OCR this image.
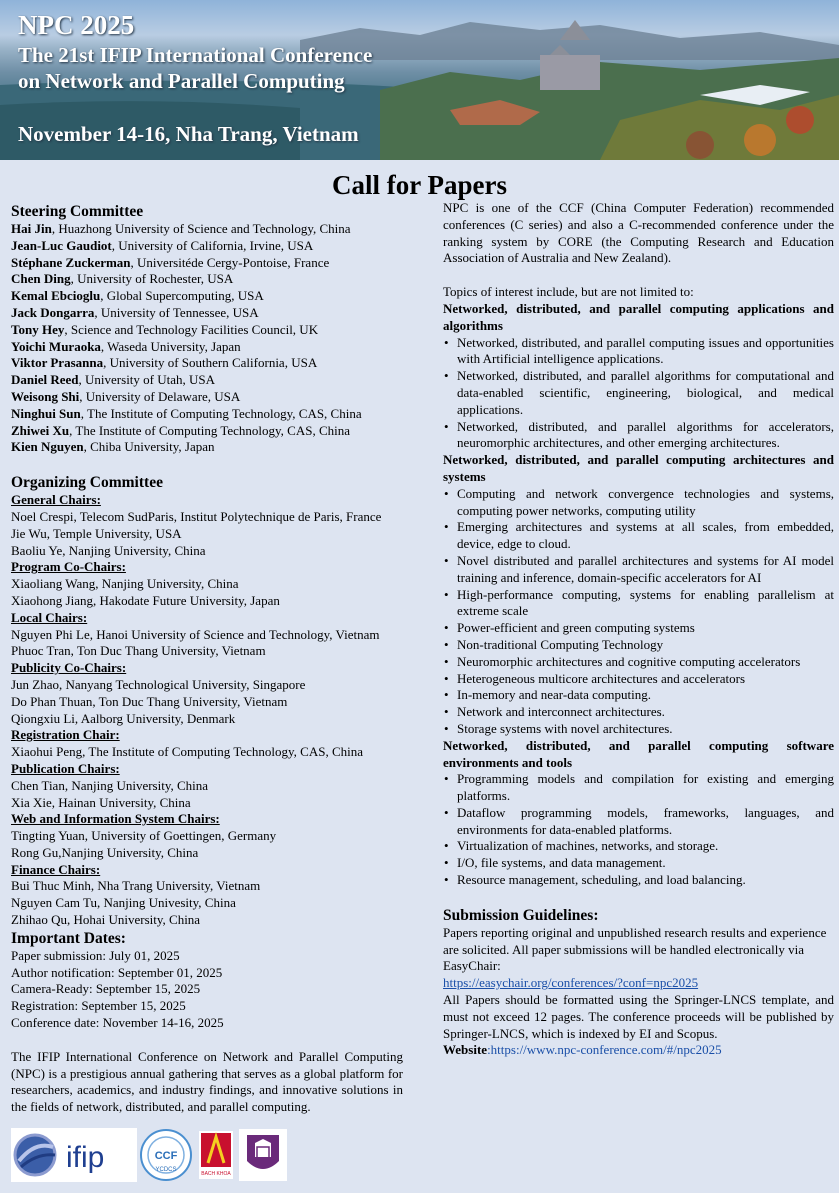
NPC 2025
The 21st IFIP International Conference
on Network and Parallel Computing
November 14-16, Nha Trang, Vietnam
Call for Papers
Steering Committee
Hai Jin, Huazhong University of Science and Technology, China
Jean-Luc Gaudiot, University of California, Irvine, USA
Stéphane Zuckerman, Universitéde Cergy-Pontoise, France
Chen Ding, University of Rochester, USA
Kemal Ebcioglu, Global Supercomputing, USA
Jack Dongarra, University of Tennessee, USA
Tony Hey, Science and Technology Facilities Council, UK
Yoichi Muraoka, Waseda University, Japan
Viktor Prasanna, University of Southern California, USA
Daniel Reed, University of Utah, USA
Weisong Shi, University of Delaware, USA
Ninghui Sun, The Institute of Computing Technology, CAS, China
Zhiwei Xu, The Institute of Computing Technology, CAS, China
Kien Nguyen, Chiba University, Japan
Organizing Committee
General Chairs:
Noel Crespi, Telecom SudParis, Institut Polytechnique de Paris, France
Jie Wu, Temple University, USA
Baoliu Ye, Nanjing University, China
Program Co-Chairs:
Xiaoliang Wang, Nanjing University, China
Xiaohong Jiang, Hakodate Future University, Japan
Local Chairs:
Nguyen Phi Le, Hanoi University of Science and Technology, Vietnam
Phuoc Tran, Ton Duc Thang University, Vietnam
Publicity Co-Chairs:
Jun Zhao, Nanyang Technological University, Singapore
Do Phan Thuan, Ton Duc Thang University, Vietnam
Qiongxiu Li, Aalborg University, Denmark
Registration Chair:
Xiaohui Peng, The Institute of Computing Technology, CAS, China
Publication Chairs:
Chen Tian, Nanjing University, China
Xia Xie, Hainan University, China
Web and Information System Chairs:
Tingting Yuan, University of Goettingen, Germany
Rong Gu,Nanjing University, China
Finance Chairs:
Bui Thuc Minh, Nha Trang University, Vietnam
Nguyen Cam Tu, Nanjing Univesity, China
Zhihao Qu, Hohai University, China
Important Dates:
Paper submission: July 01, 2025
Author notification: September 01, 2025
Camera-Ready: September 15, 2025
Registration: September 15, 2025
Conference date: November 14-16, 2025
The IFIP International Conference on Network and Parallel Computing (NPC) is a prestigious annual gathering that serves as a global platform for researchers, academics, and industry findings, and innovative solutions in the fields of network, distributed, and parallel computing.
NPC is one of the CCF (China Computer Federation) recommended conferences (C series) and also a C-recommended conference under the ranking system by CORE (the Computing Research and Education Association of Australia and New Zealand).
Topics of interest include, but are not limited to:
Networked, distributed, and parallel computing applications and algorithms
• Networked, distributed, and parallel computing issues and opportunities with Artificial intelligence applications.
• Networked, distributed, and parallel algorithms for computational and data-enabled scientific, engineering, biological, and medical applications.
• Networked, distributed, and parallel algorithms for accelerators, neuromorphic architectures, and other emerging architectures.
Networked, distributed, and parallel computing architectures and systems
• Computing and network convergence technologies and systems, computing power networks, computing utility
• Emerging architectures and systems at all scales, from embedded, device, edge to cloud.
• Novel distributed and parallel architectures and systems for AI model training and inference, domain-specific accelerators for AI
• High-performance computing, systems for enabling parallelism at extreme scale
• Power-efficient and green computing systems
• Non-traditional Computing Technology
• Neuromorphic architectures and cognitive computing accelerators
• Heterogeneous multicore architectures and accelerators
• In-memory and near-data computing.
• Network and interconnect architectures.
• Storage systems with novel architectures.
Networked, distributed, and parallel computing software environments and tools
• Programming models and compilation for existing and emerging platforms.
• Dataflow programming models, frameworks, languages, and environments for data-enabled platforms.
• Virtualization of machines, networks, and storage.
• I/O, file systems, and data management.
• Resource management, scheduling, and load balancing.
Submission Guidelines:
Papers reporting original and unpublished research results and experience are solicited. All paper submissions will be handled electronically via EasyChair:
https://easychair.org/conferences/?conf=npc2025
All Papers should be formatted using the Springer-LNCS template, and must not exceed 12 pages. The conference proceeds will be published by Springer-LNCS, which is indexed by EI and Scopus.
Website:https://www.npc-conference.com/#/npc2025
ifip	CCF
YCDCS
BACH KHOA
